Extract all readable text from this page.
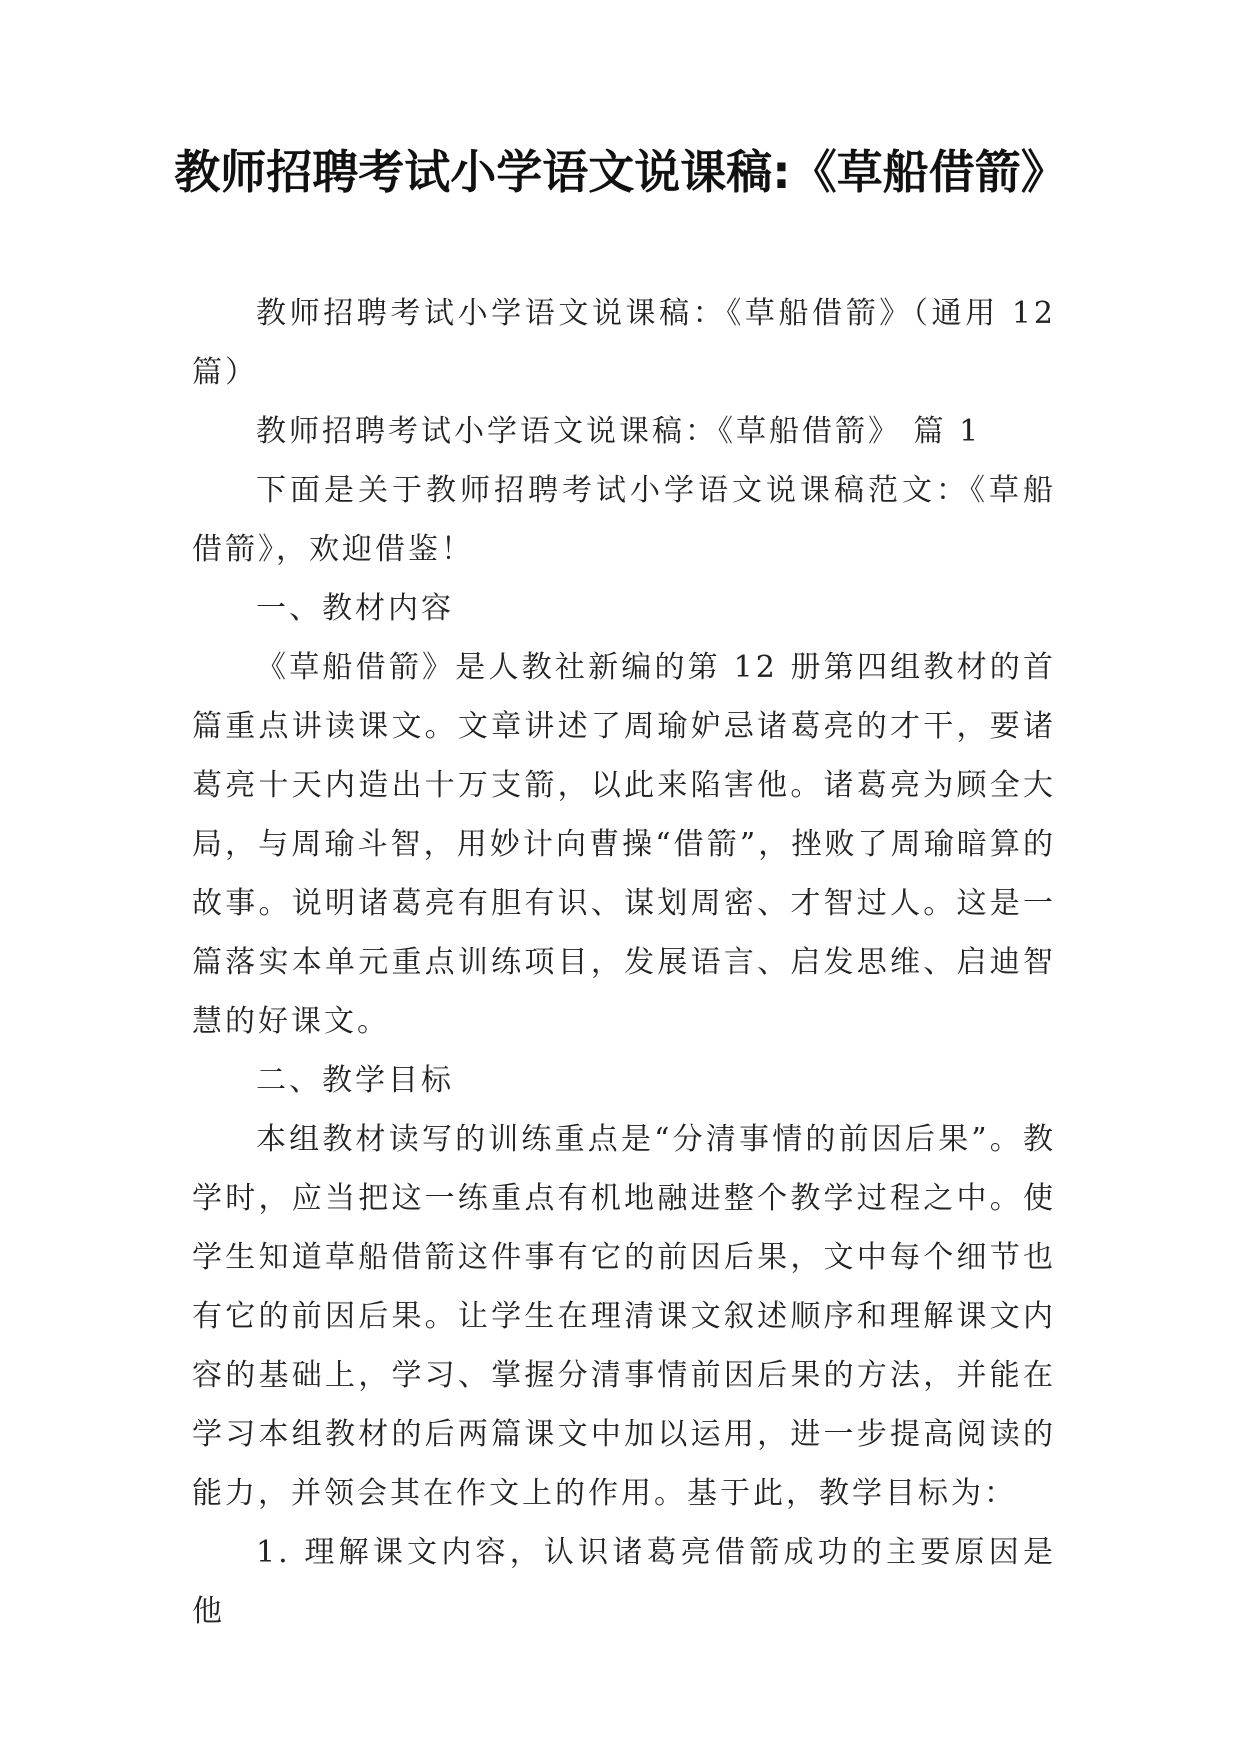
教师招聘考试小学语文说课稿:《草船借箭》

教师招聘考试小学语文说课稿：《草船借箭》（通用 12 篇）

教师招聘考试小学语文说课稿：《草船借箭》 篇 1

下面是关于教师招聘考试小学语文说课稿范文：《草船借箭》，欢迎借鉴！

一、教材内容

《草船借箭》是人教社新编的第 12 册第四组教材的首篇重点讲读课文。文章讲述了周瑜妒忌诸葛亮的才干，要诸葛亮十天内造出十万支箭，以此来陷害他。诸葛亮为顾全大局，与周瑜斗智，用妙计向曹操“借箭”，挫败了周瑜暗算的故事。说明诸葛亮有胆有识、谋划周密、才智过人。这是一篇落实本单元重点训练项目，发展语言、启发思维、启迪智慧的好课文。

二、教学目标

本组教材读写的训练重点是“分清事情的前因后果”。教学时，应当把这一练重点有机地融进整个教学过程之中。使学生知道草船借箭这件事有它的前因后果，文中每个细节也有它的前因后果。让学生在理清课文叙述顺序和理解课文内容的基础上，学习、掌握分清事情前因后果的方法，并能在学习本组教材的后两篇课文中加以运用，进一步提高阅读的能力，并领会其在作文上的作用。基于此，教学目标为：

1. 理解课文内容，认识诸葛亮借箭成功的主要原因是他
